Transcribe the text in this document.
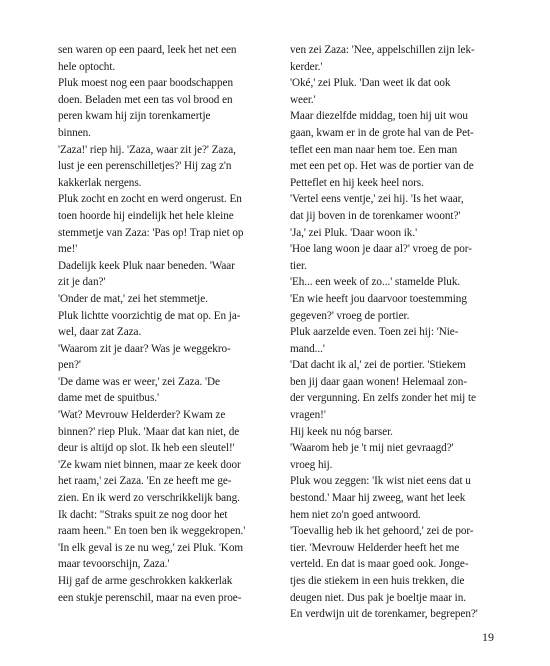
sen waren op een paard, leek het net een
hele optocht.
Pluk moest nog een paar boodschappen
doen. Beladen met een tas vol brood en
peren kwam hij zijn torenkamertje
binnen.
'Zaza!' riep hij. 'Zaza, waar zit je?' Zaza,
lust je een perenschilletjes?' Hij zag z'n
kakkerlak nergens.
Pluk zocht en zocht en werd ongerust. En
toen hoorde hij eindelijk het hele kleine
stemmetje van Zaza: 'Pas op! Trap niet op
me!'
Dadelijk keek Pluk naar beneden. 'Waar
zit je dan?'
'Onder de mat,' zei het stemmetje.
Pluk lichtte voorzichtig de mat op. En ja-
wel, daar zat Zaza.
'Waarom zit je daar? Was je weggekro-
pen?'
'De dame was er weer,' zei Zaza. 'De
dame met de spuitbus.'
'Wat? Mevrouw Helderder? Kwam ze
binnen?' riep Pluk. 'Maar dat kan niet, de
deur is altijd op slot. Ik heb een sleutel!'
'Ze kwam niet binnen, maar ze keek door
het raam,' zei Zaza. 'En ze heeft me ge-
zien. En ik werd zo verschrikkelijk bang.
Ik dacht: "Straks spuit ze nog door het
raam heen." En toen ben ik weggekropen.'
'In elk geval is ze nu weg,' zei Pluk. 'Kom
maar tevoorschijn, Zaza.'
Hij gaf de arme geschrokken kakkerlak
een stukje perenschil, maar na even proe-
ven zei Zaza: 'Nee, appelschillen zijn lek-
kerder.'
'Oké,' zei Pluk. 'Dan weet ik dat ook
weer.'
Maar diezelfde middag, toen hij uit wou
gaan, kwam er in de grote hal van de Pet-
teflet een man naar hem toe. Een man
met een pet op. Het was de portier van de
Petteflet en hij keek heel nors.
'Vertel eens ventje,' zei hij. 'Is het waar,
dat jij boven in de torenkamer woont?'
'Ja,' zei Pluk. 'Daar woon ik.'
'Hoe lang woon je daar al?' vroeg de por-
tier.
'Eh... een week of zo...' stamelde Pluk.
'En wie heeft jou daarvoor toestemming
gegeven?' vroeg de portier.
Pluk aarzelde even. Toen zei hij: 'Nie-
mand...'
'Dat dacht ik al,' zei de portier. 'Stiekem
ben jij daar gaan wonen! Helemaal zon-
der vergunning. En zelfs zonder het mij te
vragen!'
Hij keek nu nóg barser.
'Waarom heb je 't mij niet gevraagd?'
vroeg hij.
Pluk wou zeggen: 'Ik wist niet eens dat u
bestond.' Maar hij zweeg, want het leek
hem niet zo'n goed antwoord.
'Toevallig heb ik het gehoord,' zei de por-
tier. 'Mevrouw Helderder heeft het me
verteld. En dat is maar goed ook. Jonge-
tjes die stiekem in een huis trekken, die
deugen niet. Dus pak je boeltje maar in.
En verdwijn uit de torenkamer, begrepen?'
19
